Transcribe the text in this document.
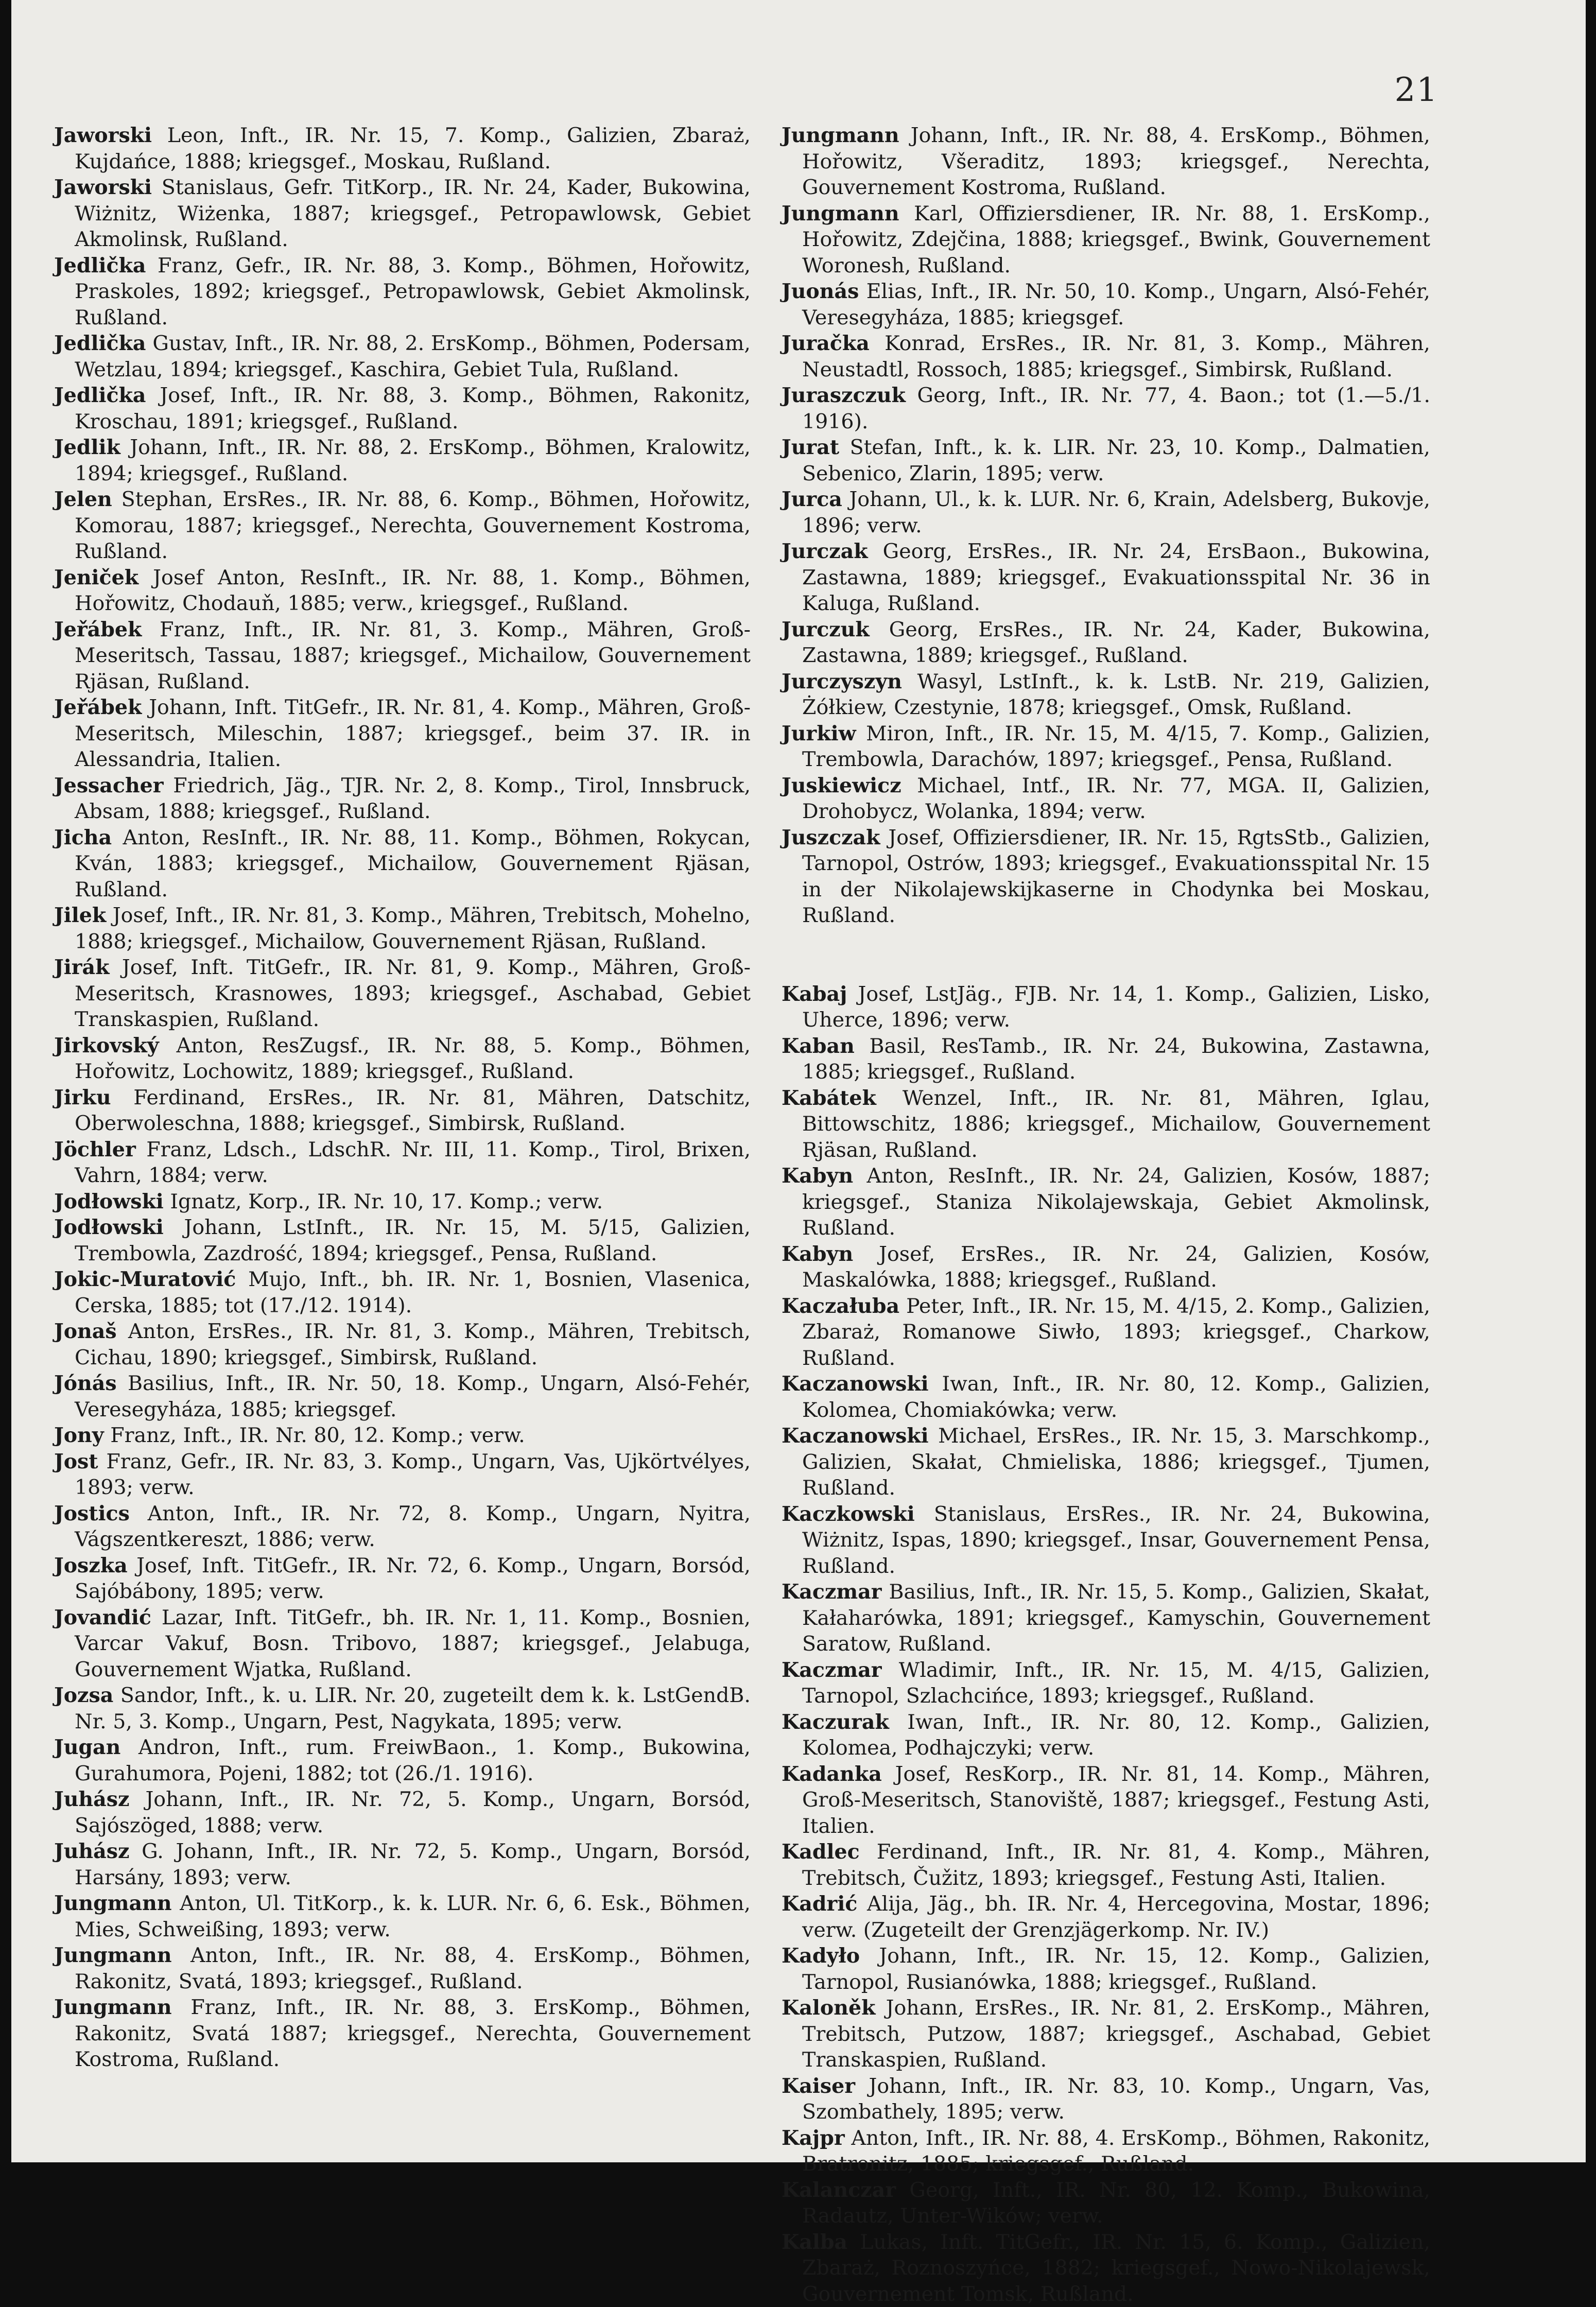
21

Jaworski Leon, Inft., IR. Nr. 15, 7. Komp., Galizien, Zbaraż, Kujdańce, 1888; kriegsgef., Moskau, Rußland.

Jaworski Stanislaus, Gefr. TitKorp., IR. Nr. 24, Kader, Bukowina, Wiżnitz, Wiżenka, 1887; kriegsgef., Petropawlowsk, Gebiet Akmolinsk, Rußland.

Jedlička Franz, Gefr., IR. Nr. 88, 3. Komp., Böhmen, Hořowitz, Praskoles, 1892; kriegsgef., Petropawlowsk, Gebiet Akmolinsk, Rußland.

Jedlička Gustav, Inft., IR. Nr. 88, 2. ErsKomp., Böhmen, Podersam, Wetzlau, 1894; kriegsgef., Kaschira, Gebiet Tula, Rußland.

Jedlička Josef, Inft., IR. Nr. 88, 3. Komp., Böhmen, Rakonitz, Kroschau, 1891; kriegsgef., Rußland.

Jedlik Johann, Inft., IR. Nr. 88, 2. ErsKomp., Böhmen, Kralowitz, 1894; kriegsgef., Rußland.

Jelen Stephan, ErsRes., IR. Nr. 88, 6. Komp., Böhmen, Hořowitz, Komorau, 1887; kriegsgef., Nerechta, Gouvernement Kostroma, Rußland.

Jeniček Josef Anton, ResInft., IR. Nr. 88, 1. Komp., Böhmen, Hořowitz, Chodauň, 1885; verw., kriegsgef., Rußland.

Jeřábek Franz, Inft., IR. Nr. 81, 3. Komp., Mähren, Groß-Meseritsch, Tassau, 1887; kriegsgef., Michailow, Gouvernement Rjäsan, Rußland.

Jeřábek Johann, Inft. TitGefr., IR. Nr. 81, 4. Komp., Mähren, Groß-Meseritsch, Mileschin, 1887; kriegsgef., beim 37. IR. in Alessandria, Italien.

Jessacher Friedrich, Jäg., TJR. Nr. 2, 8. Komp., Tirol, Innsbruck, Absam, 1888; kriegsgef., Rußland.

Jicha Anton, ResInft., IR. Nr. 88, 11. Komp., Böhmen, Rokycan, Kván, 1883; kriegsgef., Michailow, Gouvernement Rjäsan, Rußland.

Jilek Josef, Inft., IR. Nr. 81, 3. Komp., Mähren, Trebitsch, Mohelno, 1888; kriegsgef., Michailow, Gouvernement Rjäsan, Rußland.

Jirák Josef, Inft. TitGefr., IR. Nr. 81, 9. Komp., Mähren, Groß-Meseritsch, Krasnowes, 1893; kriegsgef., Aschabad, Gebiet Transkaspien, Rußland.

Jirkovský Anton, ResZugsf., IR. Nr. 88, 5. Komp., Böhmen, Hořowitz, Lochowitz, 1889; kriegsgef., Rußland.

Jirku Ferdinand, ErsRes., IR. Nr. 81, Mähren, Datschitz, Oberwoleschna, 1888; kriegsgef., Simbirsk, Rußland.

Jöchler Franz, Ldsch., LdschR. Nr. III, 11. Komp., Tirol, Brixen, Vahrn, 1884; verw.

Jodłowski Ignatz, Korp., IR. Nr. 10, 17. Komp.; verw.

Jodłowski Johann, LstInft., IR. Nr. 15, M. 5/15, Galizien, Trembowla, Zazdrość, 1894; kriegsgef., Pensa, Rußland.

Jokic-Muratović Mujo, Inft., bh. IR. Nr. 1, Bosnien, Vlasenica, Cerska, 1885; tot (17./12. 1914).

Jonaš Anton, ErsRes., IR. Nr. 81, 3. Komp., Mähren, Trebitsch, Cichau, 1890; kriegsgef., Simbirsk, Rußland.

Jónás Basilius, Inft., IR. Nr. 50, 18. Komp., Ungarn, Alsó-Fehér, Veresegyháza, 1885; kriegsgef.

Jony Franz, Inft., IR. Nr. 80, 12. Komp.; verw.

Jost Franz, Gefr., IR. Nr. 83, 3. Komp., Ungarn, Vas, Ujkörtvélyes, 1893; verw.

Jostics Anton, Inft., IR. Nr. 72, 8. Komp., Ungarn, Nyitra, Vágszentkereszt, 1886; verw.

Joszka Josef, Inft. TitGefr., IR. Nr. 72, 6. Komp., Ungarn, Borsód, Sajóbábony, 1895; verw.

Jovandić Lazar, Inft. TitGefr., bh. IR. Nr. 1, 11. Komp., Bosnien, Varcar Vakuf, Bosn. Tribovo, 1887; kriegsgef., Jelabuga, Gouvernement Wjatka, Rußland.

Jozsa Sandor, Inft., k. u. LIR. Nr. 20, zugeteilt dem k. k. LstGendB. Nr. 5, 3. Komp., Ungarn, Pest, Nagykata, 1895; verw.

Jugan Andron, Inft., rum. FreiwBaon., 1. Komp., Bukowina, Gurahumora, Pojeni, 1882; tot (26./1. 1916).

Juhász Johann, Inft., IR. Nr. 72, 5. Komp., Ungarn, Borsód, Sajószöged, 1888; verw.

Juhász G. Johann, Inft., IR. Nr. 72, 5. Komp., Ungarn, Borsód, Harsány, 1893; verw.

Jungmann Anton, Ul. TitKorp., k. k. LUR. Nr. 6, 6. Esk., Böhmen, Mies, Schweißing, 1893; verw.

Jungmann Anton, Inft., IR. Nr. 88, 4. ErsKomp., Böhmen, Rakonitz, Svatá, 1893; kriegsgef., Rußland.

Jungmann Franz, Inft., IR. Nr. 88, 3. ErsKomp., Böhmen, Rakonitz, Svatá 1887; kriegsgef., Nerechta, Gouvernement Kostroma, Rußland.

Jungmann Johann, Inft., IR. Nr. 88, 4. ErsKomp., Böhmen, Hořowitz, Všeraditz, 1893; kriegsgef., Nerechta, Gouvernement Kostroma, Rußland.

Jungmann Karl, Offiziersdiener, IR. Nr. 88, 1. ErsKomp., Hořowitz, Zdejčina, 1888; kriegsgef., Bwink, Gouvernement Woronesh, Rußland.

Juonás Elias, Inft., IR. Nr. 50, 10. Komp., Ungarn, Alsó-Fehér, Veresegyháza, 1885; kriegsgef.

Juračka Konrad, ErsRes., IR. Nr. 81, 3. Komp., Mähren, Neustadtl, Rossoch, 1885; kriegsgef., Simbirsk, Rußland.

Juraszczuk Georg, Inft., IR. Nr. 77, 4. Baon.; tot (1.—5./1. 1916).

Jurat Stefan, Inft., k. k. LIR. Nr. 23, 10. Komp., Dalmatien, Sebenico, Zlarin, 1895; verw.

Jurca Johann, Ul., k. k. LUR. Nr. 6, Krain, Adelsberg, Bukovje, 1896; verw.

Jurczak Georg, ErsRes., IR. Nr. 24, ErsBaon., Bukowina, Zastawna, 1889; kriegsgef., Evakuationsspital Nr. 36 in Kaluga, Rußland.

Jurczuk Georg, ErsRes., IR. Nr. 24, Kader, Bukowina, Zastawna, 1889; kriegsgef., Rußland.

Jurczyszyn Wasyl, LstInft., k. k. LstB. Nr. 219, Galizien, Żółkiew, Czestynie, 1878; kriegsgef., Omsk, Rußland.

Jurkiw Miron, Inft., IR. Nr. 15, M. 4/15, 7. Komp., Galizien, Trembowla, Darachów, 1897; kriegsgef., Pensa, Rußland.

Juskiewicz Michael, Intf., IR. Nr. 77, MGA. II, Galizien, Drohobycz, Wolanka, 1894; verw.

Juszczak Josef, Offiziersdiener, IR. Nr. 15, RgtsStb., Galizien, Tarnopol, Ostrów, 1893; kriegsgef., Evakuationsspital Nr. 15 in der Nikolajewskijkaserne in Chodynka bei Moskau, Rußland.

Kabaj Josef, LstJäg., FJB. Nr. 14, 1. Komp., Galizien, Lisko, Uherce, 1896; verw.

Kaban Basil, ResTamb., IR. Nr. 24, Bukowina, Zastawna, 1885; kriegsgef., Rußland.

Kabátek Wenzel, Inft., IR. Nr. 81, Mähren, Iglau, Bittowschitz, 1886; kriegsgef., Michailow, Gouvernement Rjäsan, Rußland.

Kabyn Anton, ResInft., IR. Nr. 24, Galizien, Kosów, 1887; kriegsgef., Staniza Nikolajewskaja, Gebiet Akmolinsk, Rußland.

Kabyn Josef, ErsRes., IR. Nr. 24, Galizien, Kosów, Maskalówka, 1888; kriegsgef., Rußland.

Kaczałuba Peter, Inft., IR. Nr. 15, M. 4/15, 2. Komp., Galizien, Zbaraż, Romanowe Siwło, 1893; kriegsgef., Charkow, Rußland.

Kaczanowski Iwan, Inft., IR. Nr. 80, 12. Komp., Galizien, Kolomea, Chomiakówka; verw.

Kaczanowski Michael, ErsRes., IR. Nr. 15, 3. Marschkomp., Galizien, Skałat, Chmieliska, 1886; kriegsgef., Tjumen, Rußland.

Kaczkowski Stanislaus, ErsRes., IR. Nr. 24, Bukowina, Wiżnitz, Ispas, 1890; kriegsgef., Insar, Gouvernement Pensa, Rußland.

Kaczmar Basilius, Inft., IR. Nr. 15, 5. Komp., Galizien, Skałat, Kałaharówka, 1891; kriegsgef., Kamyschin, Gouvernement Saratow, Rußland.

Kaczmar Wladimir, Inft., IR. Nr. 15, M. 4/15, Galizien, Tarnopol, Szlachcińce, 1893; kriegsgef., Rußland.

Kaczurak Iwan, Inft., IR. Nr. 80, 12. Komp., Galizien, Kolomea, Podhajczyki; verw.

Kadanka Josef, ResKorp., IR. Nr. 81, 14. Komp., Mähren, Groß-Meseritsch, Stanoviště, 1887; kriegsgef., Festung Asti, Italien.

Kadlec Ferdinand, Inft., IR. Nr. 81, 4. Komp., Mähren, Trebitsch, Čužitz, 1893; kriegsgef., Festung Asti, Italien.

Kadrić Alija, Jäg., bh. IR. Nr. 4, Hercegovina, Mostar, 1896; verw. (Zugeteilt der Grenzjägerkomp. Nr. IV.)

Kadyło Johann, Inft., IR. Nr. 15, 12. Komp., Galizien, Tarnopol, Rusianówka, 1888; kriegsgef., Rußland.

Kaloněk Johann, ErsRes., IR. Nr. 81, 2. ErsKomp., Mähren, Trebitsch, Putzow, 1887; kriegsgef., Aschabad, Gebiet Transkaspien, Rußland.

Kaiser Johann, Inft., IR. Nr. 83, 10. Komp., Ungarn, Vas, Szombathely, 1895; verw.

Kajpr Anton, Inft., IR. Nr. 88, 4. ErsKomp., Böhmen, Rakonitz, Bratronitz, 1885; kriegsgef., Rußland.

Kalanczar Georg, Inft., IR. Nr. 80, 12. Komp., Bukowina, Radautz, Unter-Wików; verw.

Kalba Lukas, Inft. TitGefr., IR. Nr. 15, 6. Komp., Galizien, Zbaraż, Roznoszyńce, 1882; kriegsgef., Nowo-Nikolajewsk, Gouvernement Tomsk, Rußland.
